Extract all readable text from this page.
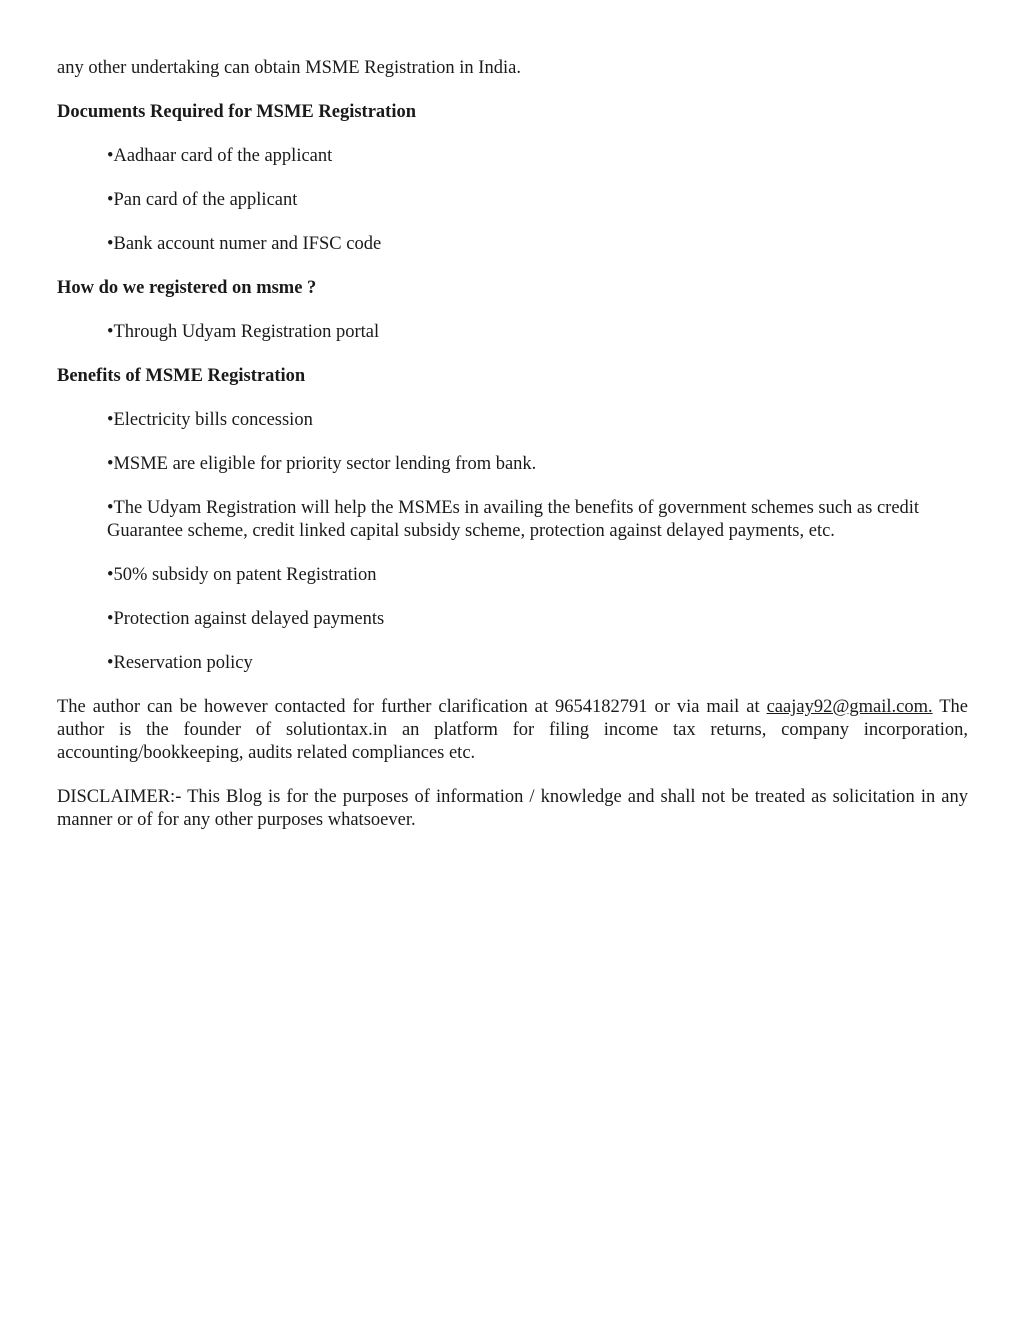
any other undertaking can obtain MSME Registration in India.

Documents Required for MSME Registration

•Aadhaar card of the applicant

•Pan card of the applicant

•Bank account numer and IFSC code

How do we registered on msme ?

•Through Udyam Registration portal

Benefits of MSME Registration

•Electricity bills concession

•MSME are eligible for priority sector lending from bank.

•The Udyam Registration will help the MSMEs in availing the benefits of government schemes such as credit Guarantee scheme, credit linked capital subsidy scheme, protection against delayed payments, etc.

•50% subsidy on patent Registration

•Protection against delayed payments

•Reservation policy

The author can be however contacted for further clarification at 9654182791 or via mail at caajay92@gmail.com. The author is the founder of solutiontax.in an platform for filing income tax returns, company incorporation, accounting/bookkeeping, audits related compliances etc.

DISCLAIMER:- This Blog is for the purposes of information / knowledge and shall not be treated as solicitation in any manner or of for any other purposes whatsoever.
